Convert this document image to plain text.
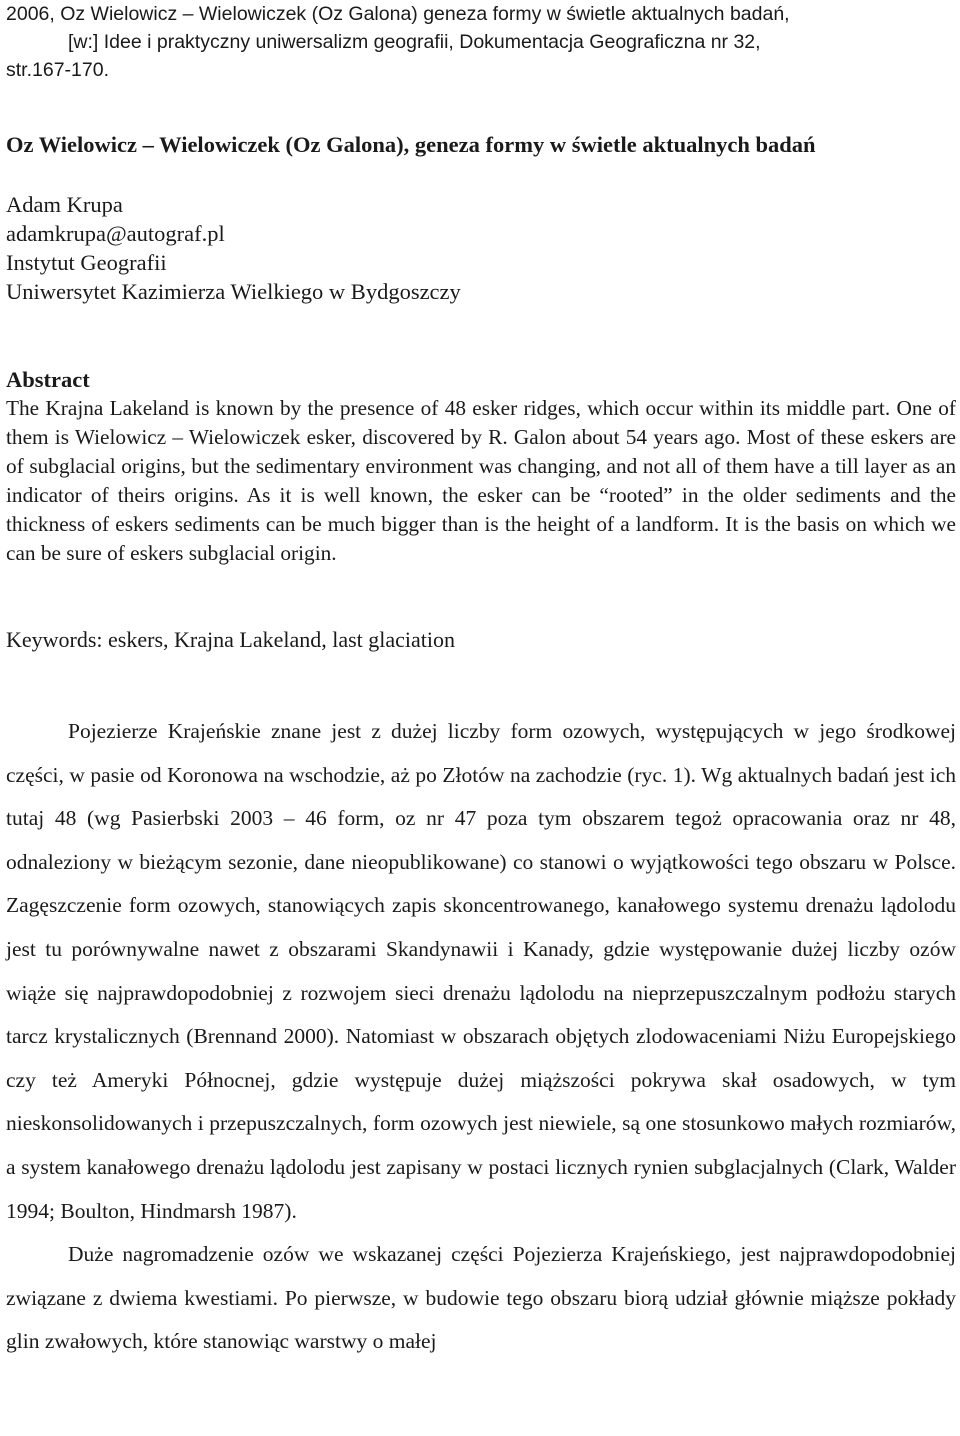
2006, Oz Wielowicz – Wielowiczek (Oz Galona) geneza formy w świetle aktualnych badań,
[w:] Idee i praktyczny uniwersalizm geografii, Dokumentacja Geograficzna nr 32,
str.167-170.
Oz Wielowicz – Wielowiczek (Oz Galona), geneza formy w świetle aktualnych badań
Adam Krupa
adamkrupa@autograf.pl
Instytut Geografii
Uniwersytet Kazimierza Wielkiego w Bydgoszczy
Abstract
The Krajna Lakeland is known by the presence of 48 esker ridges, which occur within its middle part. One of them is Wielowicz – Wielowiczek esker, discovered by R. Galon about 54 years ago. Most of these eskers are of subglacial origins, but the sedimentary environment was changing, and not all of them have a till layer as an indicator of theirs origins. As it is well known, the esker can be “rooted” in the older sediments and the thickness of eskers sediments can be much bigger than is the height of a landform. It is the basis on which we can be sure of eskers subglacial origin.
Keywords: eskers, Krajna Lakeland, last glaciation

Pojezierze Krajeńskie znane jest z dużej liczby form ozowych, występujących w jego środkowej części, w pasie od Koronowa na wschodzie, aż po Złotów na zachodzie (ryc. 1). Wg aktualnych badań jest ich tutaj 48 (wg Pasierbski 2003 – 46 form, oz nr 47 poza tym obszarem tegoż opracowania oraz nr 48, odnaleziony w bieżącym sezonie, dane nieopublikowane) co stanowi o wyjątkowości tego obszaru w Polsce. Zagęszczenie form ozowych, stanowiących zapis skoncentrowanego, kanałowego systemu drenażu lądolodu jest tu porównywalne nawet z obszarami Skandynawii i Kanady, gdzie występowanie dużej liczby ozów wiąże się najprawdopodobniej z rozwojem sieci drenażu lądolodu na nieprzepuszczalnym podłożu starych tarcz krystalicznych (Brennand 2000). Natomiast w obszarach objętych zlodowaceniami Niżu Europejskiego czy też Ameryki Północnej, gdzie występuje dużej miąższości pokrywa skał osadowych, w tym nieskonsolidowanych i przepuszczalnych, form ozowych jest niewiele, są one stosunkowo małych rozmiarów, a system kanałowego drenażu lądolodu jest zapisany w postaci licznych rynien subglacjalnych (Clark, Walder 1994; Boulton, Hindmarsh 1987).

Duże nagromadzenie ozów we wskazanej części Pojezierza Krajeńskiego, jest najprawdopodobniej związane z dwiema kwestiami. Po pierwsze, w budowie tego obszaru biorą udział głównie miąższe pokłady glin zwałowych, które stanowiąc warstwy o małej
